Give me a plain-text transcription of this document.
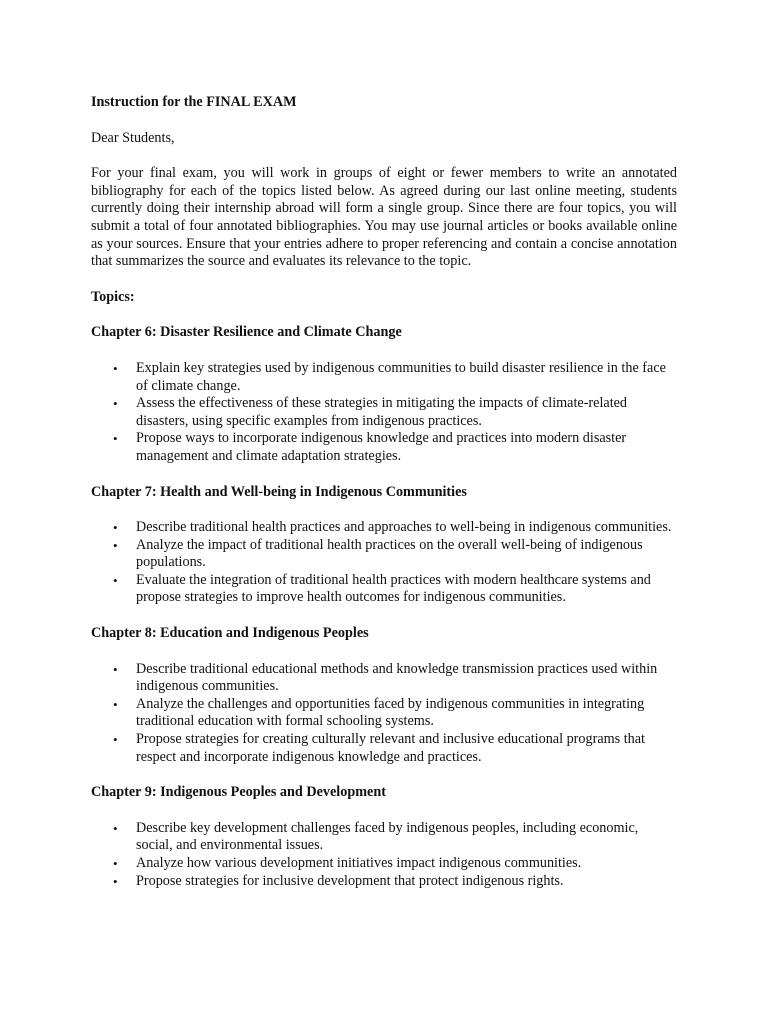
Instruction for the FINAL EXAM

Dear Students,

For your final exam, you will work in groups of eight or fewer members to write an annotated bibliography for each of the topics listed below. As agreed during our last online meeting, students currently doing their internship abroad will form a single group. Since there are four topics, you will submit a total of four annotated bibliographies. You may use journal articles or books available online as your sources. Ensure that your entries adhere to proper referencing and contain a concise annotation that summarizes the source and evaluates its relevance to the topic.

Topics:

Chapter 6: Disaster Resilience and Climate Change

• Explain key strategies used by indigenous communities to build disaster resilience in the face of climate change.
• Assess the effectiveness of these strategies in mitigating the impacts of climate-related disasters, using specific examples from indigenous practices.
• Propose ways to incorporate indigenous knowledge and practices into modern disaster management and climate adaptation strategies.

Chapter 7: Health and Well-being in Indigenous Communities

• Describe traditional health practices and approaches to well-being in indigenous communities.
• Analyze the impact of traditional health practices on the overall well-being of indigenous populations.
• Evaluate the integration of traditional health practices with modern healthcare systems and propose strategies to improve health outcomes for indigenous communities.

Chapter 8: Education and Indigenous Peoples

• Describe traditional educational methods and knowledge transmission practices used within indigenous communities.
• Analyze the challenges and opportunities faced by indigenous communities in integrating traditional education with formal schooling systems.
• Propose strategies for creating culturally relevant and inclusive educational programs that respect and incorporate indigenous knowledge and practices.

Chapter 9: Indigenous Peoples and Development

• Describe key development challenges faced by indigenous peoples, including economic, social, and environmental issues.
• Analyze how various development initiatives impact indigenous communities.
• Propose strategies for inclusive development that protect indigenous rights.
